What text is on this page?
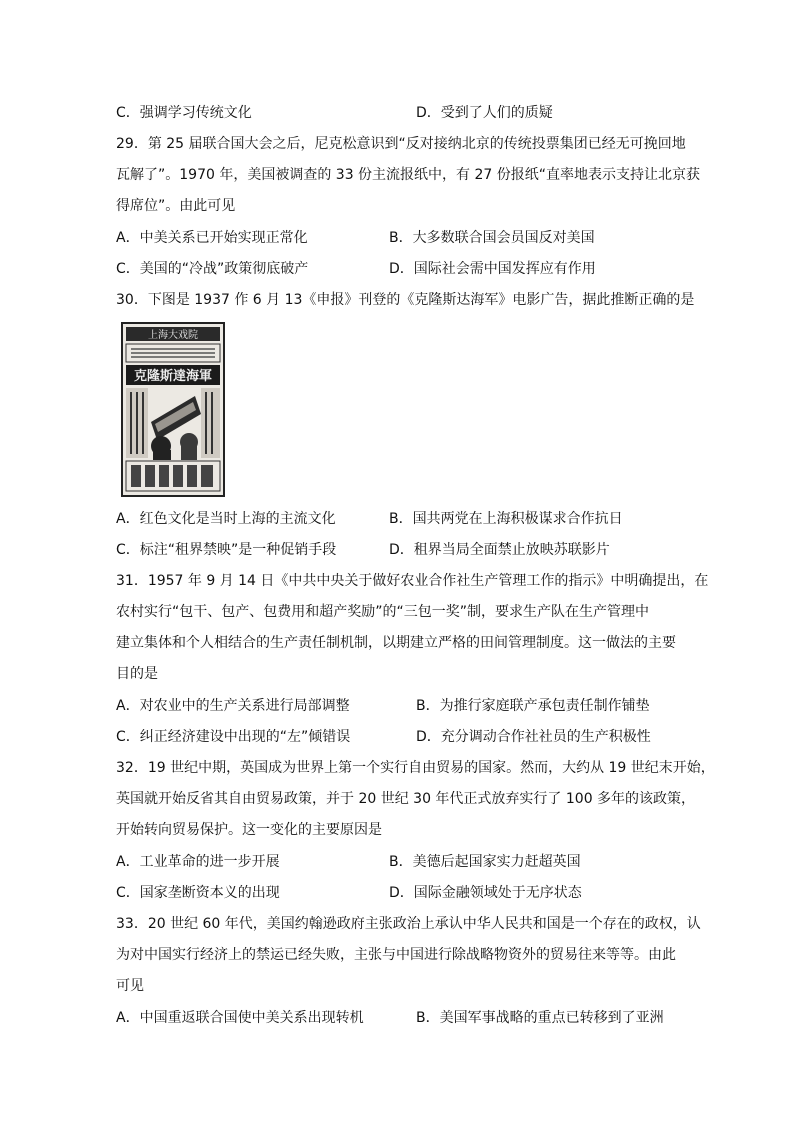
C．强调学习传统文化	D．受到了人们的质疑
29．第 25 届联合国大会之后，尼克松意识到“反对接纳北京的传统投票集团已经无可挽回地
瓦解了”。1970 年，美国被调查的 33 份主流报纸中，有 27 份报纸“直率地表示支持让北京获
得席位”。由此可见
A．中美关系已开始实现正常化	B．大多数联合国会员国反对美国
C．美国的“冷战”政策彻底破产	D．国际社会需中国发挥应有作用
30．下图是 1937 作 6 月 13《申报》刊登的《克隆斯达海军》电影广告，据此推断正确的是
上海大戏院
克隆斯達海軍
A．红色文化是当时上海的主流文化	B．国共两党在上海积极谋求合作抗日
C．标注“租界禁映”是一种促销手段	D．租界当局全面禁止放映苏联影片
31．1957 年 9 月 14 日《中共中央关于做好农业合作社生产管理工作的指示》中明确提出，在
农村实行“包干、包产、包费用和超产奖励”的“三包一奖”制，要求生产队在生产管理中
建立集体和个人相结合的生产责任制机制，以期建立严格的田间管理制度。这一做法的主要
目的是
A．对农业中的生产关系进行局部调整	B．为推行家庭联产承包责任制作铺垫
C．纠正经济建设中出现的“左”倾错误	D．充分调动合作社社员的生产积极性
32．19 世纪中期，英国成为世界上第一个实行自由贸易的国家。然而，大约从 19 世纪末开始，
英国就开始反省其自由贸易政策，并于 20 世纪 30 年代正式放弃实行了 100 多年的该政策，
开始转向贸易保护。这一变化的主要原因是
A．工业革命的进一步开展	B．美德后起国家实力赶超英国
C．国家垄断资本义的出现	D．国际金融领域处于无序状态
33．20 世纪 60 年代，美国约翰逊政府主张政治上承认中华人民共和国是一个存在的政权，认
为对中国实行经济上的禁运已经失败，主张与中国进行除战略物资外的贸易往来等等。由此
可见
A．中国重返联合国使中美关系出现转机	B．美国军事战略的重点已转移到了亚洲
